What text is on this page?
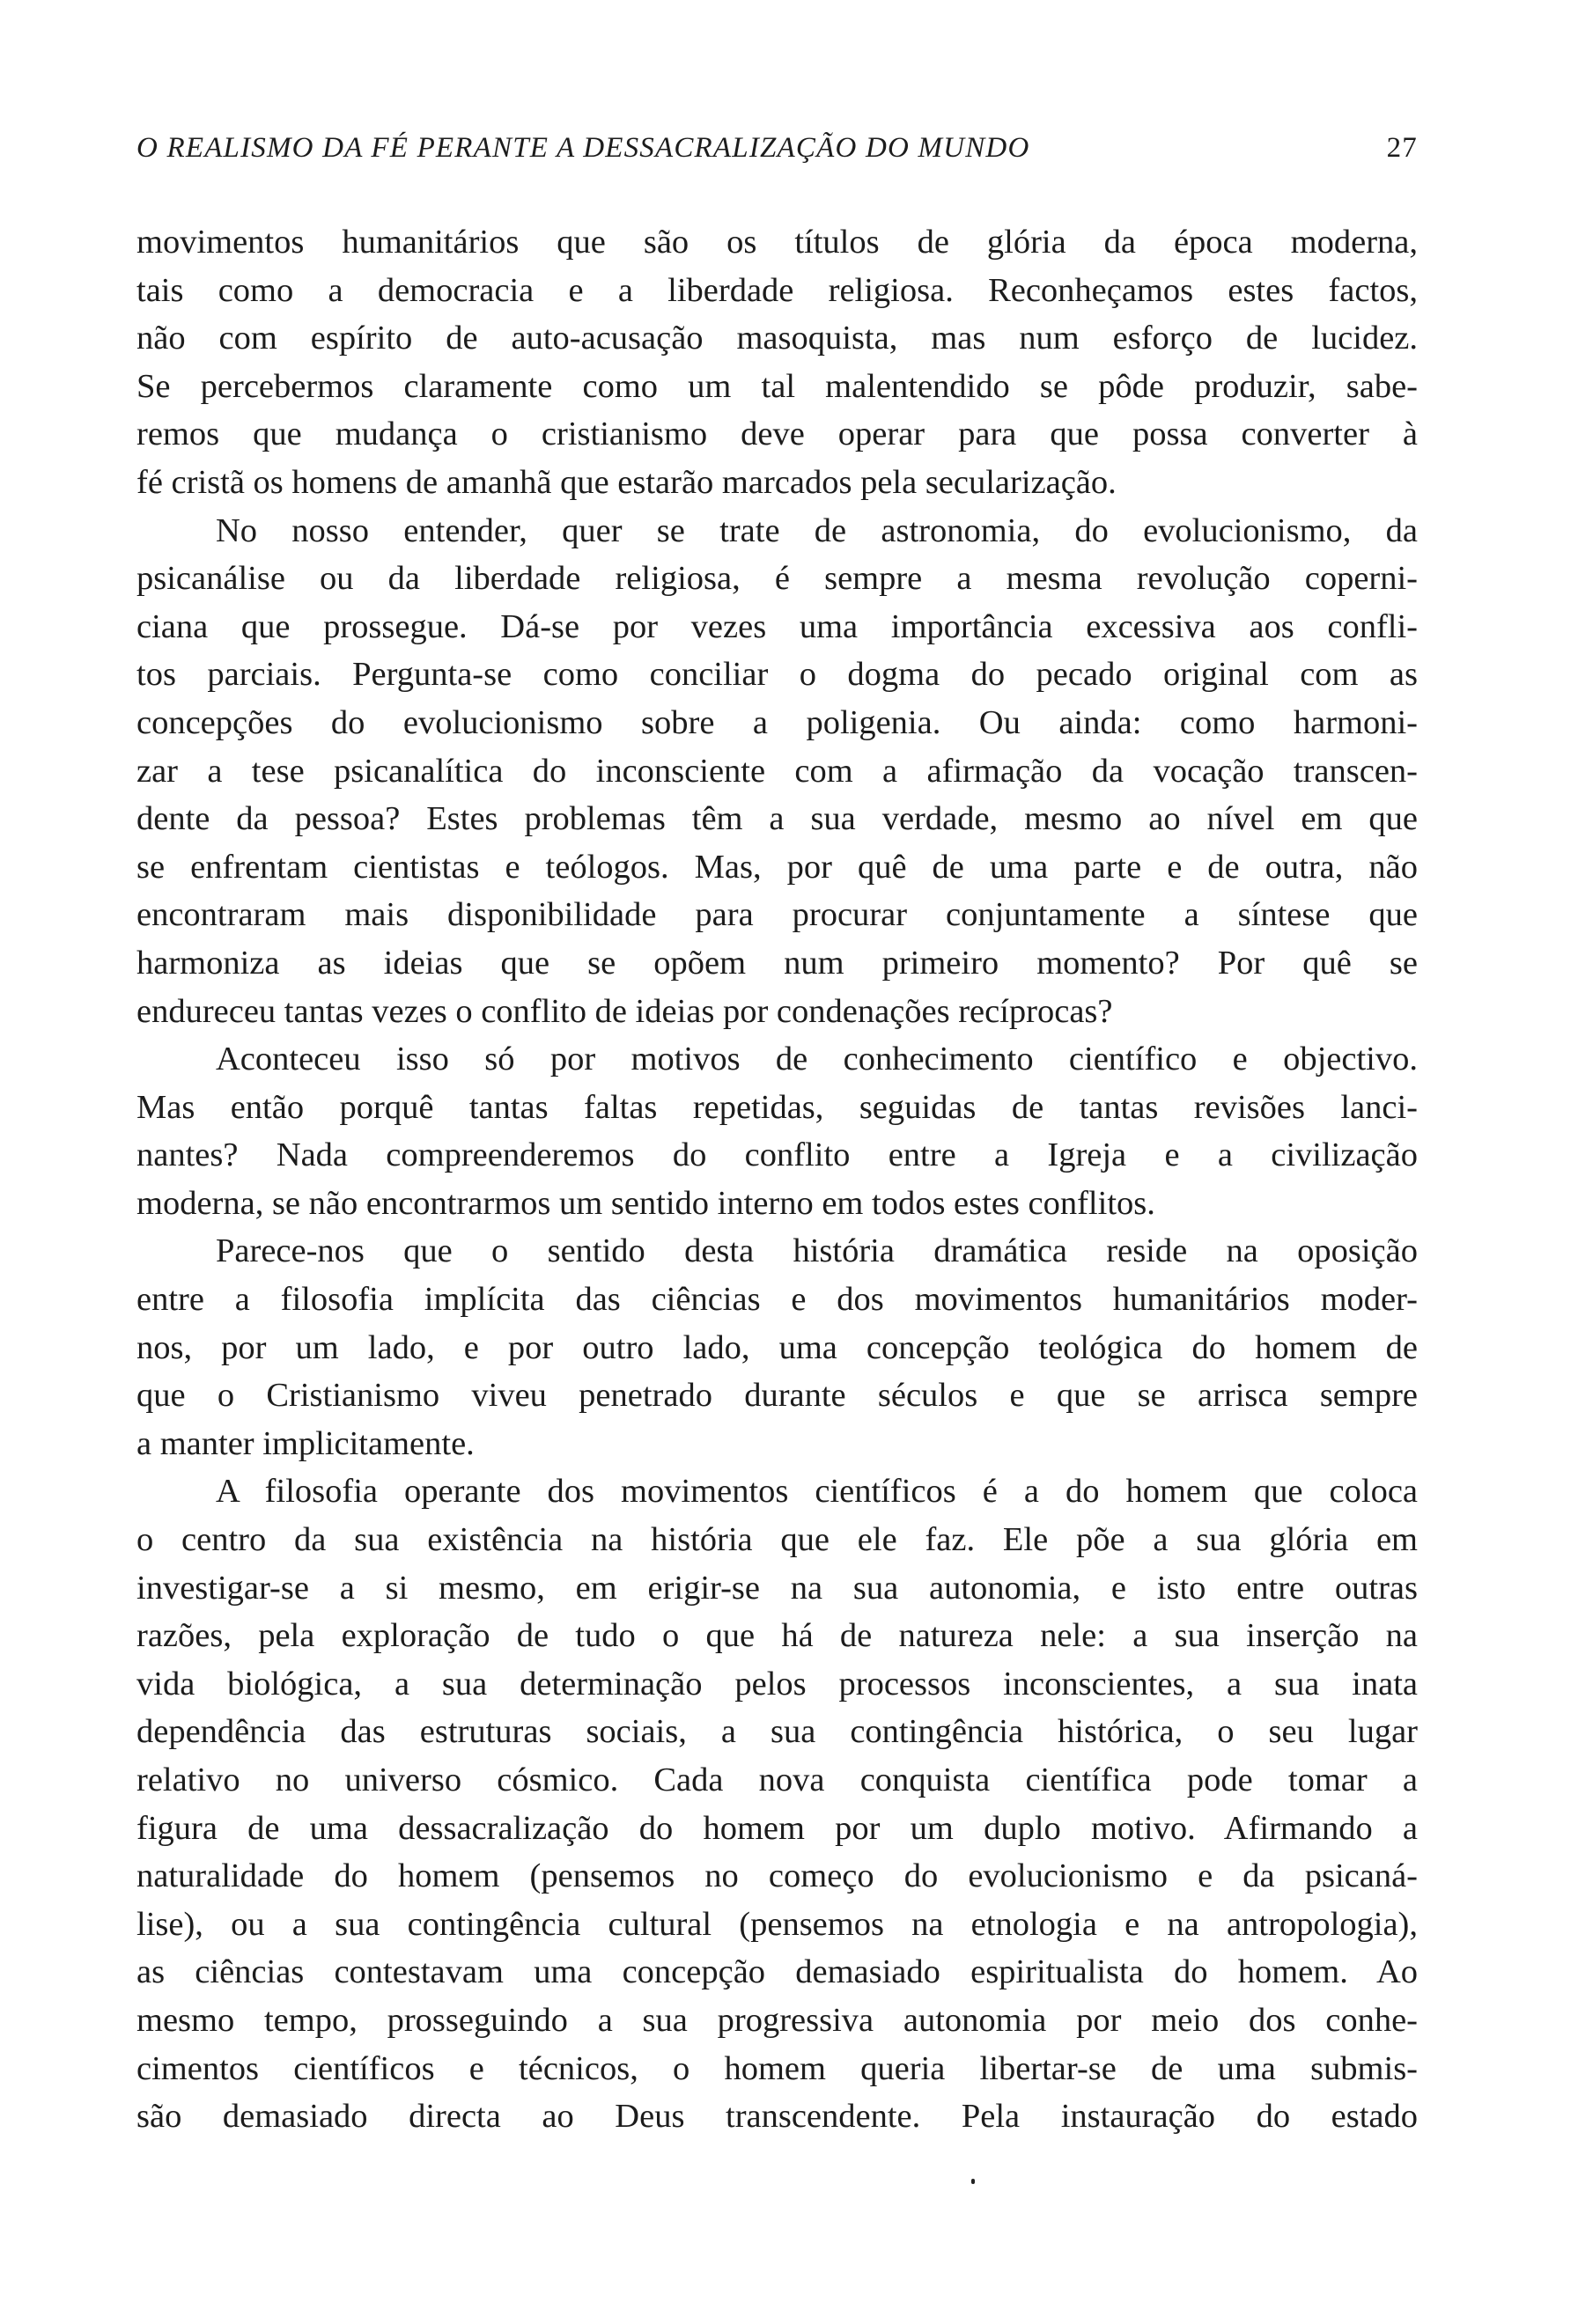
O REALISMO DA FÉ PERANTE A DESSACRALIZAÇÃO DO MUNDO	27
movimentos humanitários que são os títulos de glória da época moderna,
tais como a democracia e a liberdade religiosa. Reconheçamos estes factos,
não com espírito de auto-acusação masoquista, mas num esforço de lucidez.
Se percebermos claramente como um tal malentendido se pôde produzir, sabe-
remos que mudança o cristianismo deve operar para que possa converter à
fé cristã os homens de amanhã que estarão marcados pela secularização.
No nosso entender, quer se trate de astronomia, do evolucionismo, da
psicanálise ou da liberdade religiosa, é sempre a mesma revolução coperni-
ciana que prossegue. Dá-se por vezes uma importância excessiva aos confli-
tos parciais. Pergunta-se como conciliar o dogma do pecado original com as
concepções do evolucionismo sobre a poligenia. Ou ainda: como harmoni-
zar a tese psicanalítica do inconsciente com a afirmação da vocação transcen-
dente da pessoa? Estes problemas têm a sua verdade, mesmo ao nível em que
se enfrentam cientistas e teólogos. Mas, por quê de uma parte e de outra, não
encontraram mais disponibilidade para procurar conjuntamente a síntese que
harmoniza as ideias que se opõem num primeiro momento? Por quê se
endureceu tantas vezes o conflito de ideias por condenações recíprocas?
Aconteceu isso só por motivos de conhecimento científico e objectivo.
Mas então porquê tantas faltas repetidas, seguidas de tantas revisões lanci-
nantes? Nada compreenderemos do conflito entre a Igreja e a civilização
moderna, se não encontrarmos um sentido interno em todos estes conflitos.
Parece-nos que o sentido desta história dramática reside na oposição
entre a filosofia implícita das ciências e dos movimentos humanitários moder-
nos, por um lado, e por outro lado, uma concepção teológica do homem de
que o Cristianismo viveu penetrado durante séculos e que se arrisca sempre
a manter implicitamente.
A filosofia operante dos movimentos científicos é a do homem que coloca
o centro da sua existência na história que ele faz. Ele põe a sua glória em
investigar-se a si mesmo, em erigir-se na sua autonomia, e isto entre outras
razões, pela exploração de tudo o que há de natureza nele: a sua inserção na
vida biológica, a sua determinação pelos processos inconscientes, a sua inata
dependência das estruturas sociais, a sua contingência histórica, o seu lugar
relativo no universo cósmico. Cada nova conquista científica pode tomar a
figura de uma dessacralização do homem por um duplo motivo. Afirmando a
naturalidade do homem (pensemos no começo do evolucionismo e da psicaná-
lise), ou a sua contingência cultural (pensemos na etnologia e na antropologia),
as ciências contestavam uma concepção demasiado espiritualista do homem. Ao
mesmo tempo, prosseguindo a sua progressiva autonomia por meio dos conhe-
cimentos científicos e técnicos, o homem queria libertar-se de uma submis-
são demasiado directa ao Deus transcendente. Pela instauração do estado
